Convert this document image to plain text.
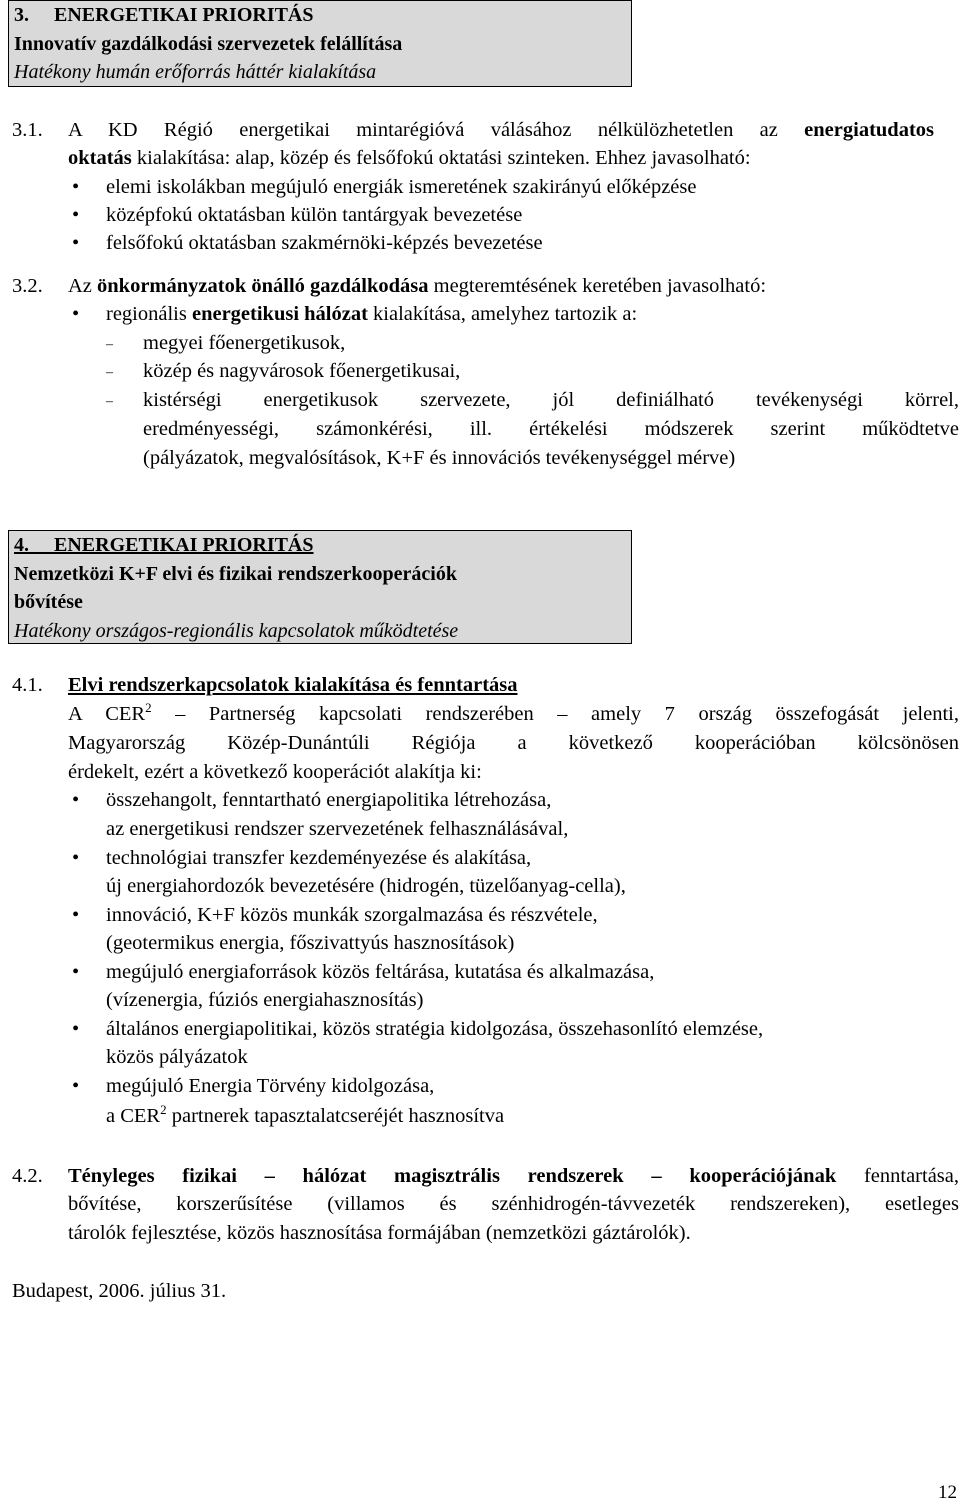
3. ENERGETIKAI PRIORITÁS
Innovatív gazdálkodási szervezetek felállítása
Hatékony humán erőforrás háttér kialakítása
3.1. A KD Régió energetikai mintarégióvá válásához nélkülözhetetlen az energiatudatos
oktatás kialakítása: alap, közép és felsőfokú oktatási szinteken. Ehhez javasolható:
• elemi iskolákban megújuló energiák ismeretének szakirányú előképzése
• középfokú oktatásban külön tantárgyak bevezetése
• felsőfokú oktatásban szakmérnöki-képzés bevezetése
3.2. Az önkormányzatok önálló gazdálkodása megteremtésének keretében javasolható:
• regionális energetikusi hálózat kialakítása, amelyhez tartozik a:
– megyei főenergetikusok,
– közép és nagyvárosok főenergetikusai,
– kistérségi energetikusok szervezete, jól definiálható tevékenységi körrel,
eredményességi, számonkérési, ill. értékelési módszerek szerint működtetve
(pályázatok, megvalósítások, K+F és innovációs tevékenységgel mérve)
4. ENERGETIKAI PRIORITÁS
Nemzetközi K+F elvi és fizikai rendszerkooperációk
bővítése
Hatékony országos-regionális kapcsolatok működtetése
4.1. Elvi rendszerkapcsolatok kialakítása és fenntartása
A CER$^2$ – Partnerség kapcsolati rendszerében – amely 7 ország összefogását jelenti,
Magyarország Közép-Dunántúli Régiója a következő kooperációban kölcsönösen
érdekelt, ezért a következő kooperációt alakítja ki:
• összehangolt, fenntartható energiapolitika létrehozása,
az energetikusi rendszer szervezetének felhasználásával,
• technológiai transzfer kezdeményezése és alakítása,
új energiahordozók bevezetésére (hidrogén, tüzelőanyag-cella),
• innováció, K+F közös munkák szorgalmazása és részvétele,
(geotermikus energia, főszivattyús hasznosítások)
• megújuló energiaforrások közös feltárása, kutatása és alkalmazása,
(vízenergia, fúziós energiahasznosítás)
• általános energiapolitikai, közös stratégia kidolgozása, összehasonlító elemzése,
közös pályázatok
• megújuló Energia Törvény kidolgozása,
a CER$^2$ partnerek tapasztalatcseréjét hasznosítva
4.2. Tényleges fizikai – hálózat magisztrális rendszerek – kooperációjának fenntartása,
bővítése, korszerűsítése (villamos és szénhidrogén-távvezeték rendszereken), esetleges
tárolók fejlesztése, közös hasznosítása formájában (nemzetközi gáztárolók).
Budapest, 2006. július 31.
12
